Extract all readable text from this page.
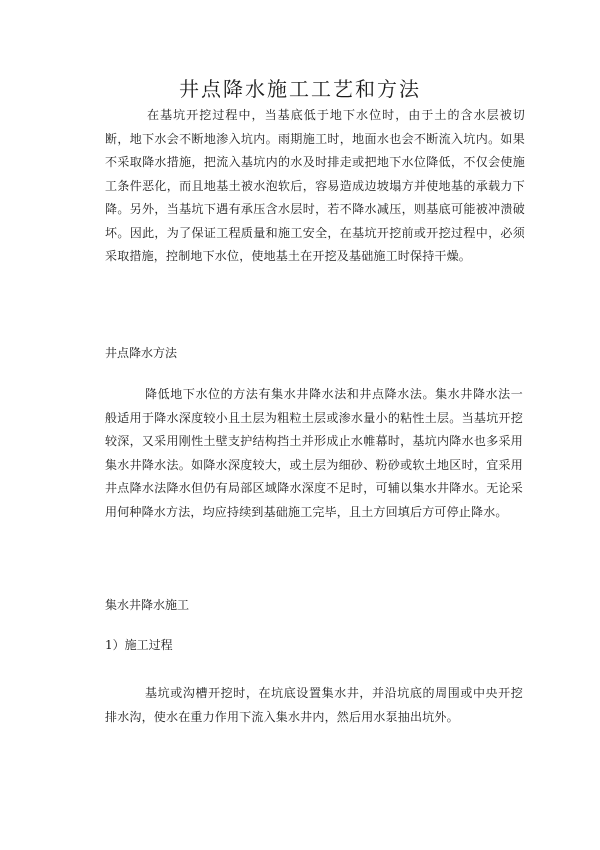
井点降水施工工艺和方法

在基坑开挖过程中，当基底低于地下水位时，由于土的含水层被切断，地下水会不断地渗入坑内。雨期施工时，地面水也会不断流入坑内。如果不采取降水措施，把流入基坑内的水及时排走或把地下水位降低，不仅会使施工条件恶化，而且地基土被水泡软后，容易造成边坡塌方并使地基的承载力下降。另外，当基坑下遇有承压含水层时，若不降水减压，则基底可能被冲溃破坏。因此，为了保证工程质量和施工安全，在基坑开挖前或开挖过程中，必须采取措施，控制地下水位，使地基土在开挖及基础施工时保持干燥。

井点降水方法

降低地下水位的方法有集水井降水法和井点降水法。集水井降水法一般适用于降水深度较小且土层为粗粒土层或渗水量小的粘性土层。当基坑开挖较深，又采用刚性土壁支护结构挡土并形成止水帷幕时，基坑内降水也多采用集水井降水法。如降水深度较大，或土层为细砂、粉砂或软土地区时，宜采用井点降水法降水但仍有局部区域降水深度不足时，可辅以集水井降水。无论采用何种降水方法，均应持续到基础施工完毕，且土方回填后方可停止降水。

集水井降水施工
1）施工过程

基坑或沟槽开挖时，在坑底设置集水井，并沿坑底的周围或中央开挖排水沟，使水在重力作用下流入集水井内，然后用水泵抽出坑外。
